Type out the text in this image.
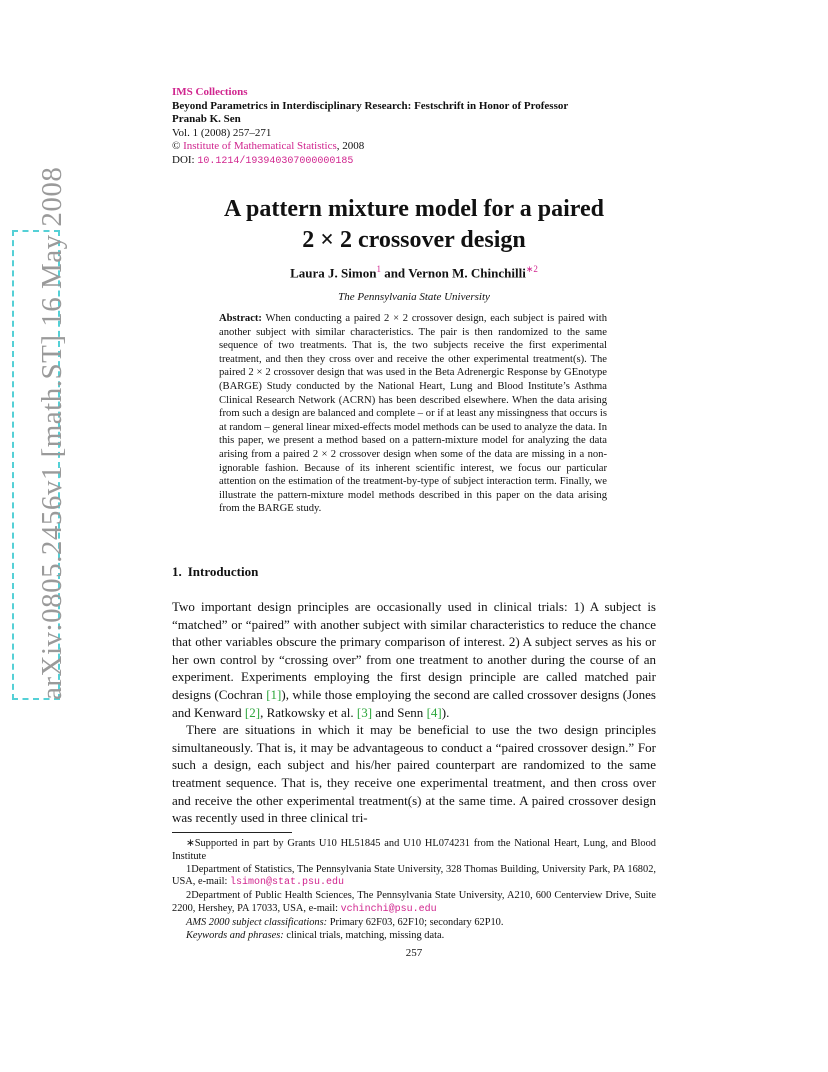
arXiv:0805.2456v1 [math.ST] 16 May 2008
IMS Collections
Beyond Parametrics in Interdisciplinary Research: Festschrift in Honor of Professor
Pranab K. Sen
Vol. 1 (2008) 257–271
© Institute of Mathematical Statistics, 2008
DOI: 10.1214/193940307000000185
A pattern mixture model for a paired
2 × 2 crossover design
Laura J. Simon$^1$ and Vernon M. Chinchilli$^{∗2}$
The Pennsylvania State University
Abstract: When conducting a paired 2 × 2 crossover design, each subject is paired with another subject with similar characteristics. The pair is then randomized to the same sequence of two treatments. That is, the two subjects receive the first experimental treatment, and then they cross over and receive the other experimental treatment(s). The paired 2 × 2 crossover design that was used in the Beta Adrenergic Response by GEnotype (BARGE) Study conducted by the National Heart, Lung and Blood Institute’s Asthma Clinical Research Network (ACRN) has been described elsewhere. When the data arising from such a design are balanced and complete – or if at least any missingness that occurs is at random – general linear mixed-effects model methods can be used to analyze the data. In this paper, we present a method based on a pattern-mixture model for analyzing the data arising from a paired 2 × 2 crossover design when some of the data are missing in a non-ignorable fashion. Because of its inherent scientific interest, we focus our particular attention on the estimation of the treatment-by-type of subject interaction term. Finally, we illustrate the pattern-mixture model methods described in this paper on the data arising from the BARGE study.
1. Introduction

Two important design principles are occasionally used in clinical trials: 1) A subject is “matched” or “paired” with another subject with similar characteristics to reduce the chance that other variables obscure the primary comparison of interest. 2) A subject serves as his or her own control by “crossing over” from one treatment to another during the course of an experiment. Experiments employing the first design principle are called matched pair designs (Cochran [1]), while those employing the second are called crossover designs (Jones and Kenward [2], Ratkowsky et al. [3] and Senn [4]).

There are situations in which it may be beneficial to use the two design principles simultaneously. That is, it may be advantageous to conduct a “paired crossover design.” For such a design, each subject and his/her paired counterpart are randomized to the same treatment sequence. That is, they receive one experimental treatment, and then cross over and receive the other experimental treatment(s) at the same time. A paired crossover design was recently used in three clinical tri-

∗Supported in part by Grants U10 HL51845 and U10 HL074231 from the National Heart, Lung, and Blood Institute

1Department of Statistics, The Pennsylvania State University, 328 Thomas Building, University Park, PA 16802, USA, e-mail: lsimon@stat.psu.edu

2Department of Public Health Sciences, The Pennsylvania State University, A210, 600 Centerview Drive, Suite 2200, Hershey, PA 17033, USA, e-mail: vchinchi@psu.edu

AMS 2000 subject classifications: Primary 62F03, 62F10; secondary 62P10.

Keywords and phrases: clinical trials, matching, missing data.

257
